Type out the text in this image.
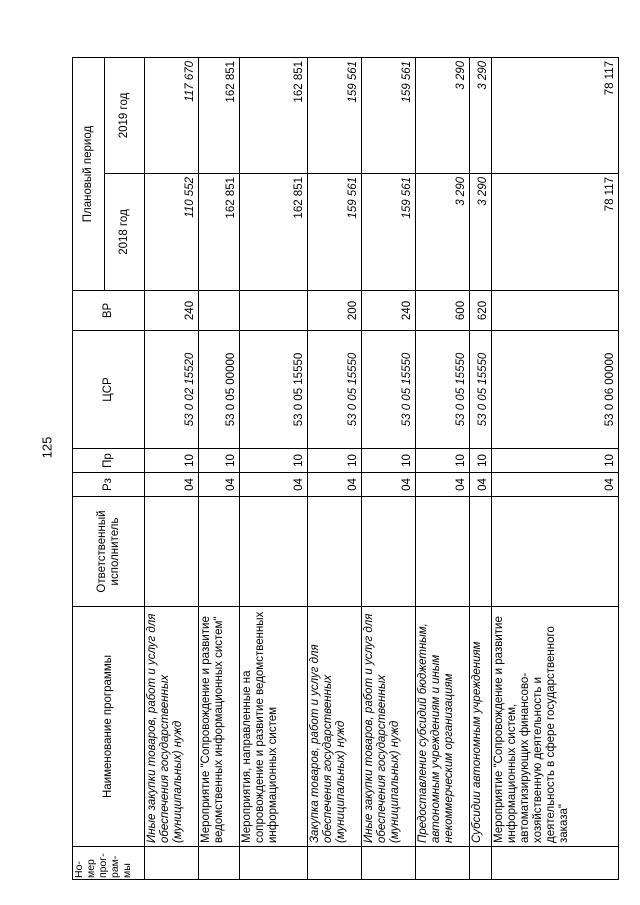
125
Но-мер прог-рам-мы	Наименование программы	Ответственный исполнитель	Рз	Пр	ЦСР	ВР	Плановый период	
							2018 год	2019 год
	Иные закупки товаров, работ и услуг для обеспечения государственных (муниципальных) нужд		04	10	53 0 02 15520	240	110 552	117 670
	Мероприятие "Сопровождение и развитие ведомственных информационных систем"		04	10	53 0 05 00000		162 851	162 851
	Мероприятия, направленные на сопровождение и развитие ведомственных информационных систем		04	10	53 0 05 15550		162 851	162 851
	Закупка товаров, работ и услуг для обеспечения государственных (муниципальных) нужд		04	10	53 0 05 15550	200	159 561	159 561
	Иные закупки товаров, работ и услуг для обеспечения государственных (муниципальных) нужд		04	10	53 0 05 15550	240	159 561	159 561
	Предоставление субсидий бюджетным, автономным учреждениям и иным некоммерческим организациям		04	10	53 0 05 15550	600	3 290	3 290
	Субсидии автономным учреждениям		04	10	53 0 05 15550	620	3 290	3 290
	Мероприятие "Сопровождение и развитие информационных систем, автоматизирующих финансово-хозяйственную деятельность и деятельность в сфере государственного заказа"		04	10	53 0 06 00000		78 117	78 117
